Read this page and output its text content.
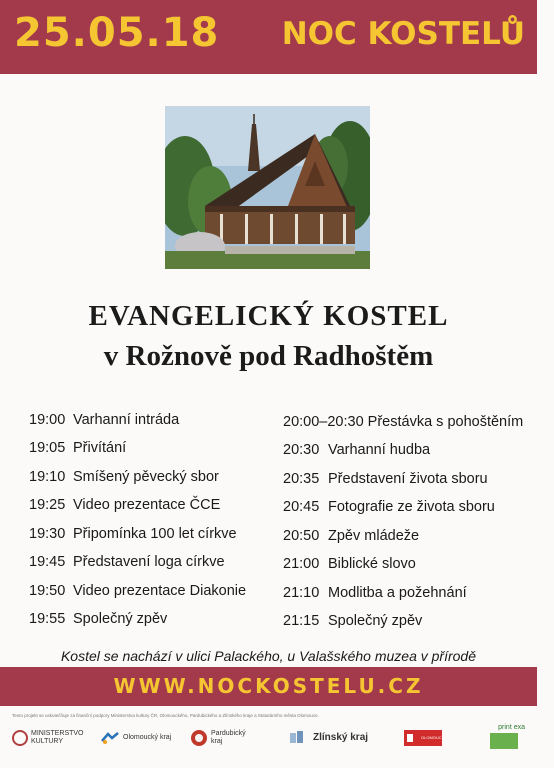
25.05.18 NOC KOSTELŮ
EVANGELICKÝ KOSTEL
v Rožnově pod Radhoštěm
19:00 Varhanní intráda
19:05 Přivítání
19:10 Smíšený pěvecký sbor
19:25 Video prezentace ČCE
19:30 Připomínka 100 let církve
19:45 Představení loga církve
19:50 Video prezentace Diakonie
19:55 Společný zpěv
20:00–20:30 Přestávka s pohoštěním
20:30 Varhanní hudba
20:35 Představení života sboru
20:45 Fotografie ze života sboru
20:50 Zpěv mládeže
21:00 Biblické slovo
21:10 Modlitba a požehnání
21:15 Společný zpěv
Kostel se nachází v ulici Palackého, u Valašského muzea v přírodě
WWW.NOCKOSTELU.CZ
Tento projekt se uskutečňuje za finanční podpory Ministerstva kultury ČR, Olomouckého, Pardubického a Zlínského kraje a Statutárního města Olomouce.
MINISTERSTVO KULTURY
Olomoucký kraj
Pardubický kraj	Zlínský kraj	OLOMOUC
print exa
